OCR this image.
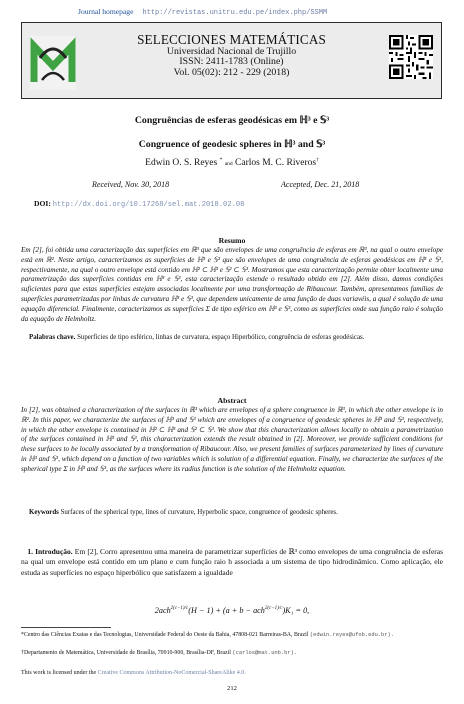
Journal homepage http://revistas.unitru.edu.pe/index.php/SSMM
SELECCIONES MATEMÁTICAS
Universidad Nacional de Trujillo
ISSN: 2411-1783 (Online)
Vol. 05(02): 212 - 229 (2018)
Congruências de esferas geodésicas em ℍ³ e 𝕊³
Congruence of geodesic spheres in ℍ³ and 𝕊³
Edwin O. S. Reyes * and Carlos M. C. Riveros†
Received, Nov. 30, 2018	Accepted, Dec. 21, 2018
DOI: http://dx.doi.org/10.17268/sel.mat.2018.02.08
Resumo
Em [2], foi obtida uma caracterização das superfícies em ℝ³ que são envelopes de uma congruência de esferas em ℝ³, na qual o outro envelope está em ℝ². Neste artigo, caracterizamos as superfícies de ℍ³ e 𝕊³ que são envelopes de uma congruência de esferas geodésicas em ℍ³ e 𝕊³, respectivamente, na qual o outro envelope está contido em ℍ² ⊂ ℍ³ e 𝕊² ⊂ 𝕊³. Mostramos que esta caracterização permite obter localmente uma parametrização das superfícies contidas em ℍ³ e 𝕊³, esta caracterização estende o resultado obtido em [2]. Além disso, damos condições suficientes para que estas superfícies estejam associadas localmente por uma transformação de Ribaucour. Também, apresentamos famílias de superfícies parametrizadas por linhas de curvatura ℍ³ e 𝕊³, que dependem unicamente de uma função de duas variavéis, a qual é solução de uma equação diferencial. Finalmente, caracterizamos as superfícies Σ de tipo esférico em ℍ³ e 𝕊³, como as superfícies onde sua função raio é solução da equação de Helmholtz.
Palabras chave. Superfícies de tipo esférico, linhas de curvatura, espaço Hiperbólico, congruência de esferas geodésicas.
Abstract
In [2], was obtained a characterization of the surfaces in ℝ³ which are envelopes of a sphere congruence in ℝ³, in which the other envelope is in ℝ². In this paper, we characterize the surfaces of ℍ³ and 𝕊³ which are envelopes of a congruence of geodesic spheres in ℍ³ and 𝕊³, respectively, in which the other envelope is contained in ℍ² ⊂ ℍ³ and 𝕊² ⊂ 𝕊³. We show that this characterization allows locally to obtain a parametrization of the surfaces contained in ℍ³ and 𝕊³, this characterization extends the result obtained in [2]. Moreover, we provide sufficient conditions for these surfaces to be locally associated by a transformation of Ribaucour. Also, we present families of surfaces parameterized by lines of curvature in ℍ³ and 𝕊³, which depend on a function of two variables which is solution of a differential equation. Finally, we characterize the surfaces of the spherical type Σ in ℍ³ and 𝕊³, as the surfaces where its radius function is the solution of the Helmholtz equation.
Keywords Surfaces of the spherical type, lines of curvature, Hyperbolic space, congruence of geodesic spheres.
1. Introdução. Em [2], Corro apresentou uma maneira de parametrizar superfícies de ℝ³ como envelopes de uma congruência de esferas na qual um envelope está contido em um plano e cum função raio h associada a um sistema de tipo hidrodinâmico. Como aplicação, ele estuda as superfícies no espaço hiperbólico que satisfazem a igualdade
2ach$^{2(c-1)/c}$(H − 1) + (a + b − ach$^{2(c-1)/c}$)K₁ = 0,
*Centro das Ciências Exatas e das Tecnologias, Universidade Federal do Oeste da Bahia, 47808-021 Barreiras-BA, Brazil (edwin.reyes@ufob.edu.br).
†Departamento de Matemática, Universidade de Brasília, 70910-900, Brasília-DF, Brazil (carlos@mat.unb.br).
This work is licensed under the Creative Commons Attribution-NoComercial-ShareAlike 4.0.
212
